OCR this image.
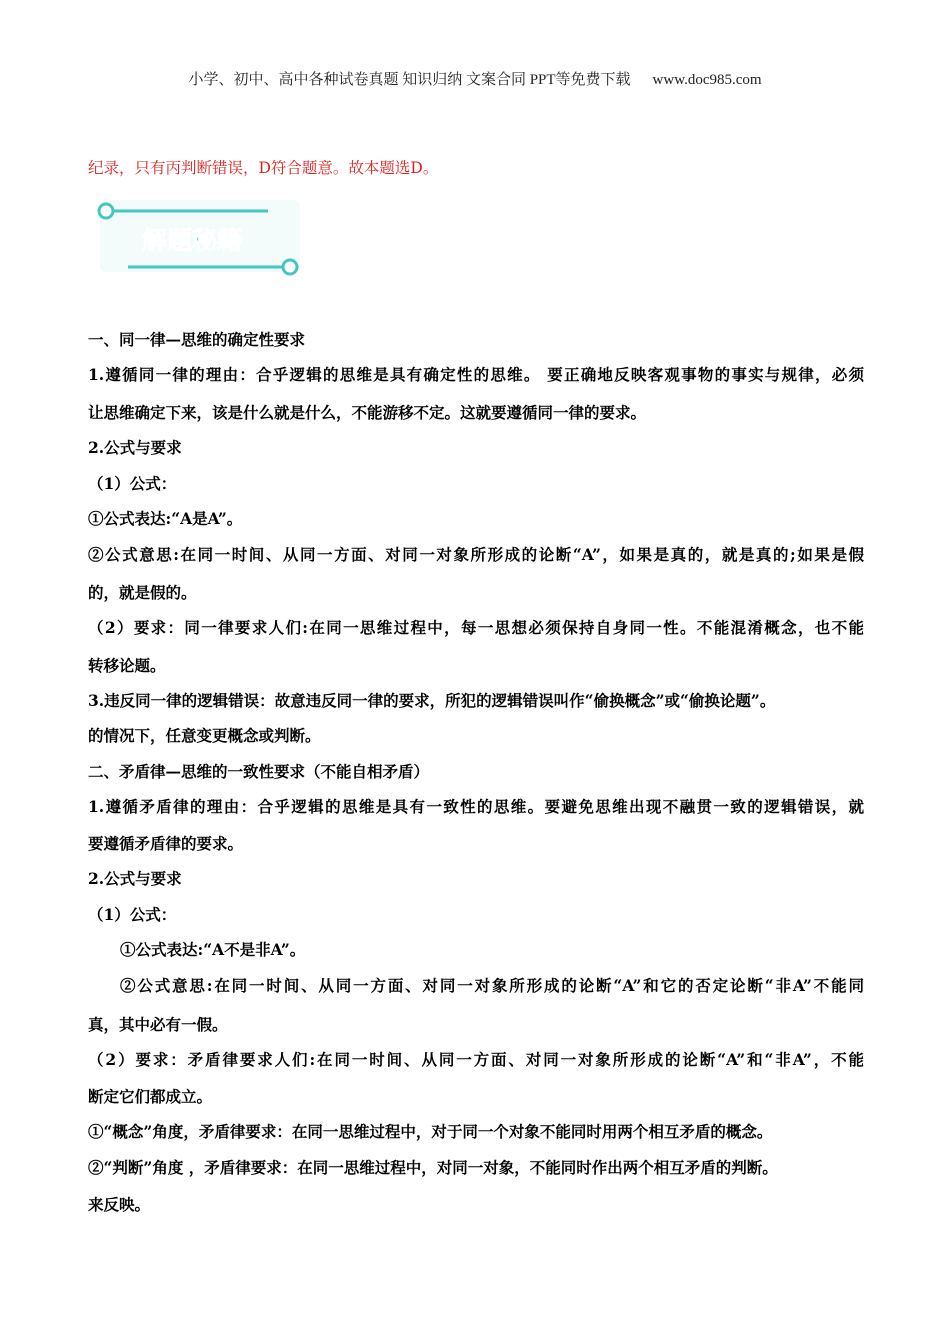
小学、初中、高中各种试卷真题 知识归纳 文案合同 PPT等免费下载 www.doc985.com
纪录，只有丙判断错误，D符合题意。故本题选D。
解题秘籍
一、同一律—思维的确定性要求
1.遵循同一律的理由：合乎逻辑的思维是具有确定性的思维。 要正确地反映客观事物的事实与规律，必须
让思维确定下来，该是什么就是什么，不能游移不定。这就要遵循同一律的要求。
2.公式与要求
（1）公式：
①公式表达:“A是A”。
②公式意思:在同一时间、从同一方面、对同一对象所形成的论断“A”，如果是真的，就是真的;如果是假
的，就是假的。
（2）要求：同一律要求人们:在同一思维过程中，每一思想必须保持自身同一性。不能混淆概念，也不能
转移论题。
3.违反同一律的逻辑错误：故意违反同一律的要求，所犯的逻辑错误叫作“偷换概念”或“偷换论题”。
的情况下，任意变更概念或判断。
二、矛盾律—思维的一致性要求（不能自相矛盾）
1.遵循矛盾律的理由：合乎逻辑的思维是具有一致性的思维。要避免思维出现不融贯一致的逻辑错误，就
要遵循矛盾律的要求。
2.公式与要求
（1）公式：
①公式表达:“A不是非A”。
②公式意思:在同一时间、从同一方面、对同一对象所形成的论断“A”和它的否定论断“非A”不能同
真，其中必有一假。
（2）要求：矛盾律要求人们:在同一时间、从同一方面、对同一对象所形成的论断“A”和“非A”，不能
断定它们都成立。
①“概念”角度，矛盾律要求：在同一思维过程中，对于同一个对象不能同时用两个相互矛盾的概念。
②“判断”角度 ，矛盾律要求：在同一思维过程中，对同一对象，不能同时作出两个相互矛盾的判断。
来反映。
